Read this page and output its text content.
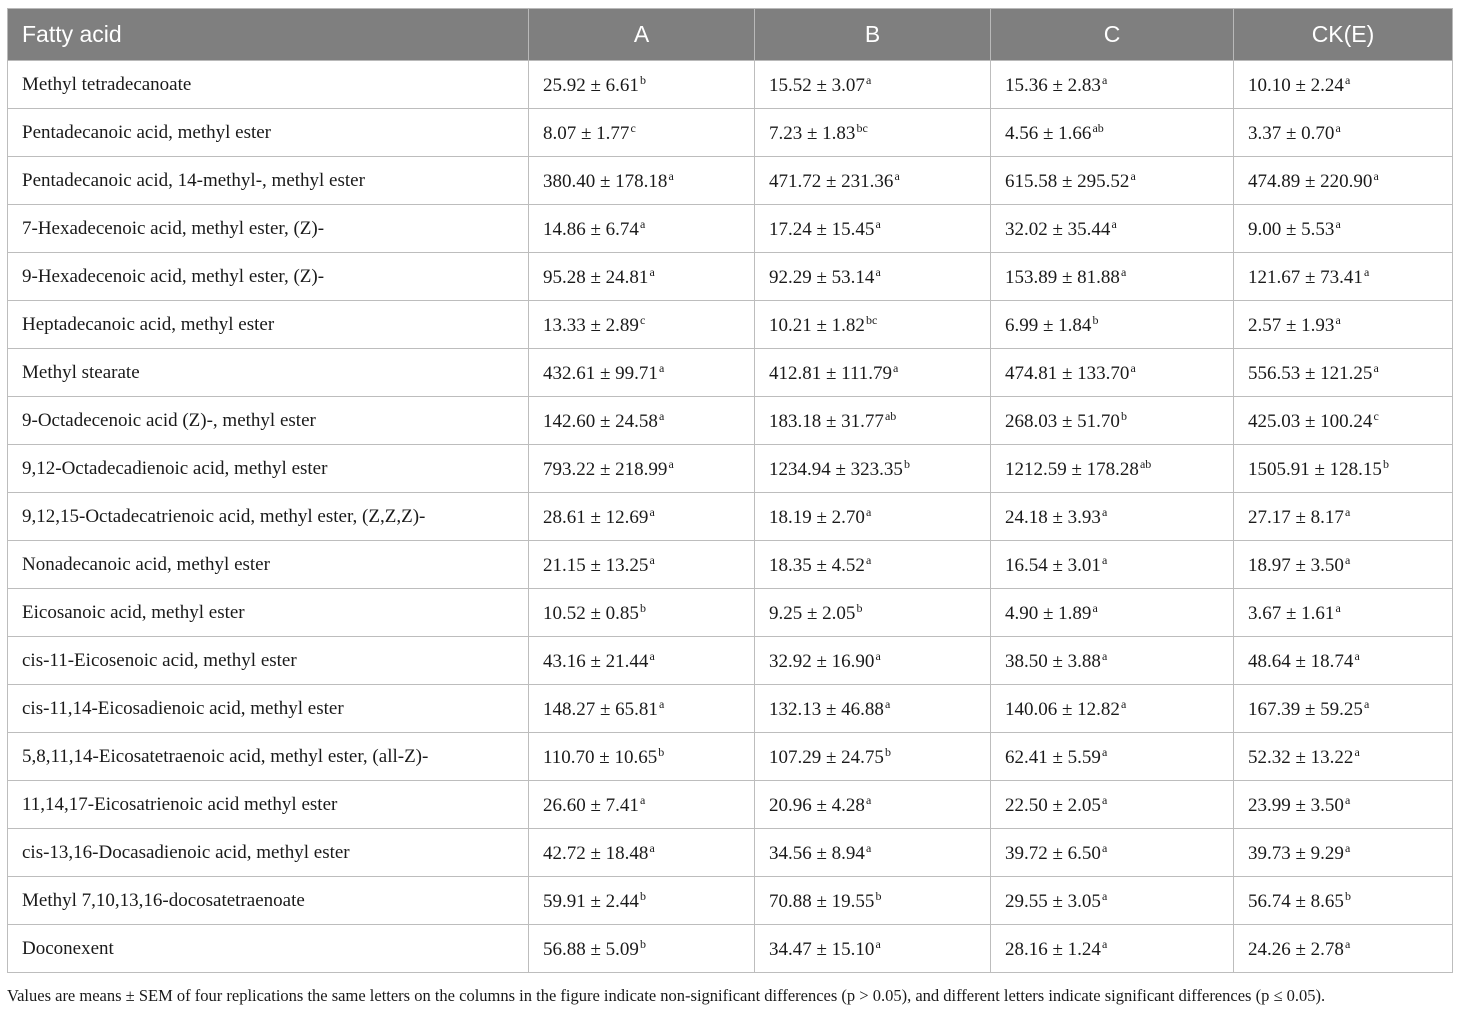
Fatty acid	A	B	C	CK(E)
Methyl tetradecanoate	25.92 ± 6.61$^b$	15.52 ± 3.07$^a$	15.36 ± 2.83$^a$	10.10 ± 2.24$^a$
Pentadecanoic acid, methyl ester	8.07 ± 1.77$^c$	7.23 ± 1.83$^{bc}$	4.56 ± 1.66$^{ab}$	3.37 ± 0.70$^a$
Pentadecanoic acid, 14-methyl-, methyl ester	380.40 ± 178.18$^a$	471.72 ± 231.36$^a$	615.58 ± 295.52$^a$	474.89 ± 220.90$^a$
7-Hexadecenoic acid, methyl ester, (Z)-	14.86 ± 6.74$^a$	17.24 ± 15.45$^a$	32.02 ± 35.44$^a$	9.00 ± 5.53$^a$
9-Hexadecenoic acid, methyl ester, (Z)-	95.28 ± 24.81$^a$	92.29 ± 53.14$^a$	153.89 ± 81.88$^a$	121.67 ± 73.41$^a$
Heptadecanoic acid, methyl ester	13.33 ± 2.89$^c$	10.21 ± 1.82$^{bc}$	6.99 ± 1.84$^b$	2.57 ± 1.93$^a$
Methyl stearate	432.61 ± 99.71$^a$	412.81 ± 111.79$^a$	474.81 ± 133.70$^a$	556.53 ± 121.25$^a$
9-Octadecenoic acid (Z)-, methyl ester	142.60 ± 24.58$^a$	183.18 ± 31.77$^{ab}$	268.03 ± 51.70$^b$	425.03 ± 100.24$^c$
9,12-Octadecadienoic acid, methyl ester	793.22 ± 218.99$^a$	1234.94 ± 323.35$^b$	1212.59 ± 178.28$^{ab}$	1505.91 ± 128.15$^b$
9,12,15-Octadecatrienoic acid, methyl ester, (Z,Z,Z)-	28.61 ± 12.69$^a$	18.19 ± 2.70$^a$	24.18 ± 3.93$^a$	27.17 ± 8.17$^a$
Nonadecanoic acid, methyl ester	21.15 ± 13.25$^a$	18.35 ± 4.52$^a$	16.54 ± 3.01$^a$	18.97 ± 3.50$^a$
Eicosanoic acid, methyl ester	10.52 ± 0.85$^b$	9.25 ± 2.05$^b$	4.90 ± 1.89$^a$	3.67 ± 1.61$^a$
cis-11-Eicosenoic acid, methyl ester	43.16 ± 21.44$^a$	32.92 ± 16.90$^a$	38.50 ± 3.88$^a$	48.64 ± 18.74$^a$
cis-11,14-Eicosadienoic acid, methyl ester	148.27 ± 65.81$^a$	132.13 ± 46.88$^a$	140.06 ± 12.82$^a$	167.39 ± 59.25$^a$
5,8,11,14-Eicosatetraenoic acid, methyl ester, (all-Z)-	110.70 ± 10.65$^b$	107.29 ± 24.75$^b$	62.41 ± 5.59$^a$	52.32 ± 13.22$^a$
11,14,17-Eicosatrienoic acid methyl ester	26.60 ± 7.41$^a$	20.96 ± 4.28$^a$	22.50 ± 2.05$^a$	23.99 ± 3.50$^a$
cis-13,16-Docasadienoic acid, methyl ester	42.72 ± 18.48$^a$	34.56 ± 8.94$^a$	39.72 ± 6.50$^a$	39.73 ± 9.29$^a$
Methyl 7,10,13,16-docosatetraenoate	59.91 ± 2.44$^b$	70.88 ± 19.55$^b$	29.55 ± 3.05$^a$	56.74 ± 8.65$^b$
Doconexent	56.88 ± 5.09$^b$	34.47 ± 15.10$^a$	28.16 ± 1.24$^a$	24.26 ± 2.78$^a$
Values are means ± SEM of four replications the same letters on the columns in the figure indicate non-significant differences (p > 0.05), and different letters indicate significant differences (p ≤ 0.05).
